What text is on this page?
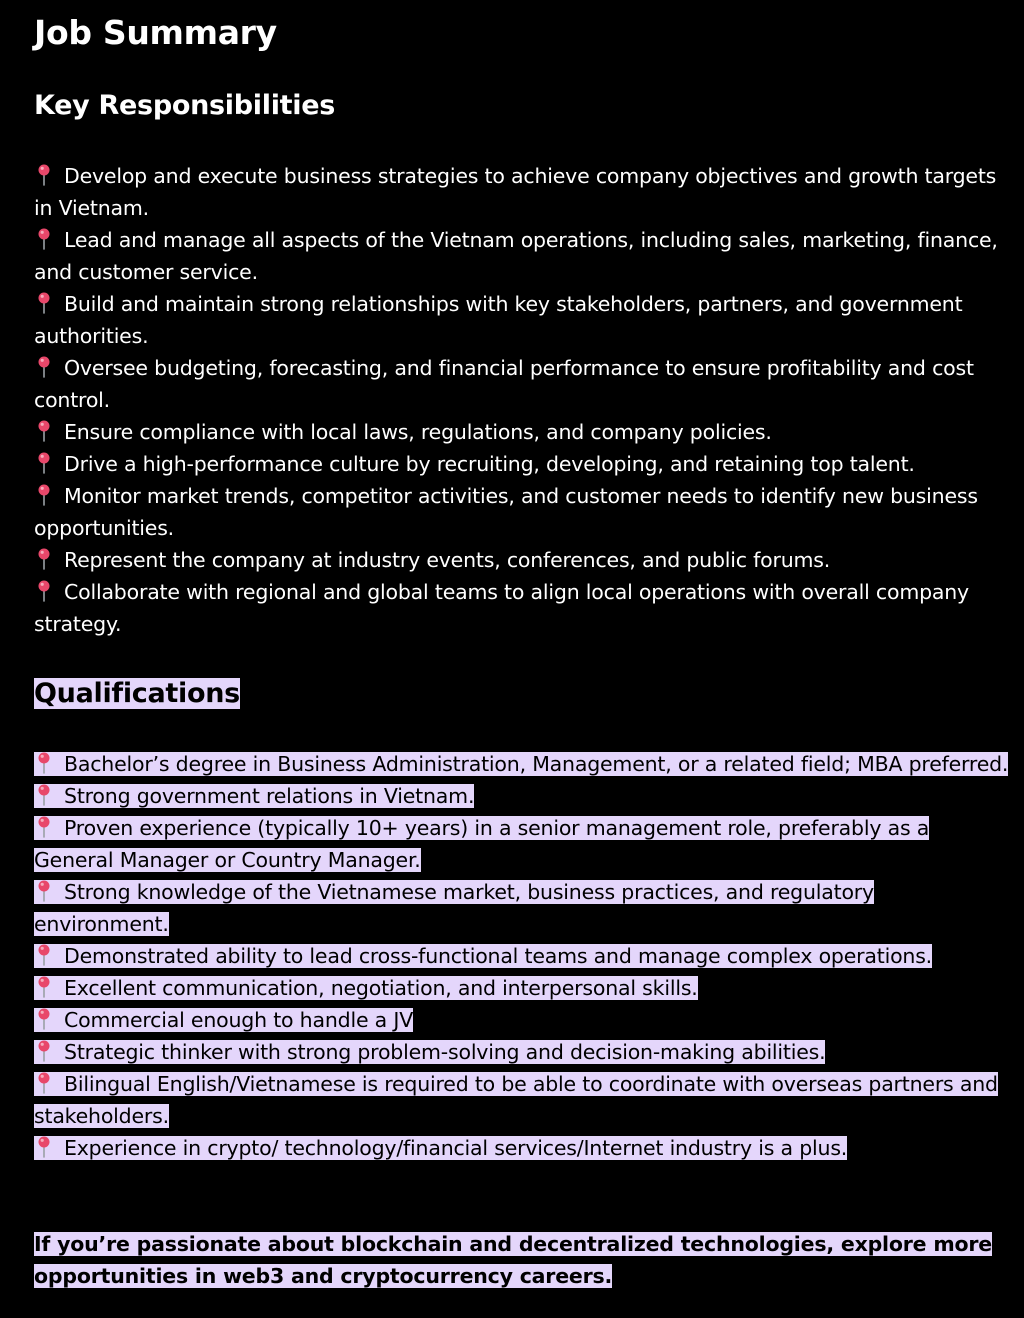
Job Summary
Key Responsibilities
Develop and execute business strategies to achieve company objectives and growth targets in Vietnam.
Lead and manage all aspects of the Vietnam operations, including sales, marketing, finance, and customer service.
Build and maintain strong relationships with key stakeholders, partners, and government authorities.
Oversee budgeting, forecasting, and financial performance to ensure profitability and cost control.
Ensure compliance with local laws, regulations, and company policies.
Drive a high-performance culture by recruiting, developing, and retaining top talent.
Monitor market trends, competitor activities, and customer needs to identify new business opportunities.
Represent the company at industry events, conferences, and public forums.
Collaborate with regional and global teams to align local operations with overall company strategy.
Qualifications
Bachelor’s degree in Business Administration, Management, or a related field; MBA preferred.
Strong government relations in Vietnam.
Proven experience (typically 10+ years) in a senior management role, preferably as a General Manager or Country Manager.
Strong knowledge of the Vietnamese market, business practices, and regulatory environment.
Demonstrated ability to lead cross-functional teams and manage complex operations.
Excellent communication, negotiation, and interpersonal skills.
Commercial enough to handle a JV
Strategic thinker with strong problem-solving and decision-making abilities.
Bilingual English/Vietnamese is required to be able to coordinate with overseas partners and stakeholders.
Experience in crypto/ technology/financial services/Internet industry is a plus.
If you’re passionate about blockchain and decentralized technologies, explore more opportunities in web3 and cryptocurrency careers.
